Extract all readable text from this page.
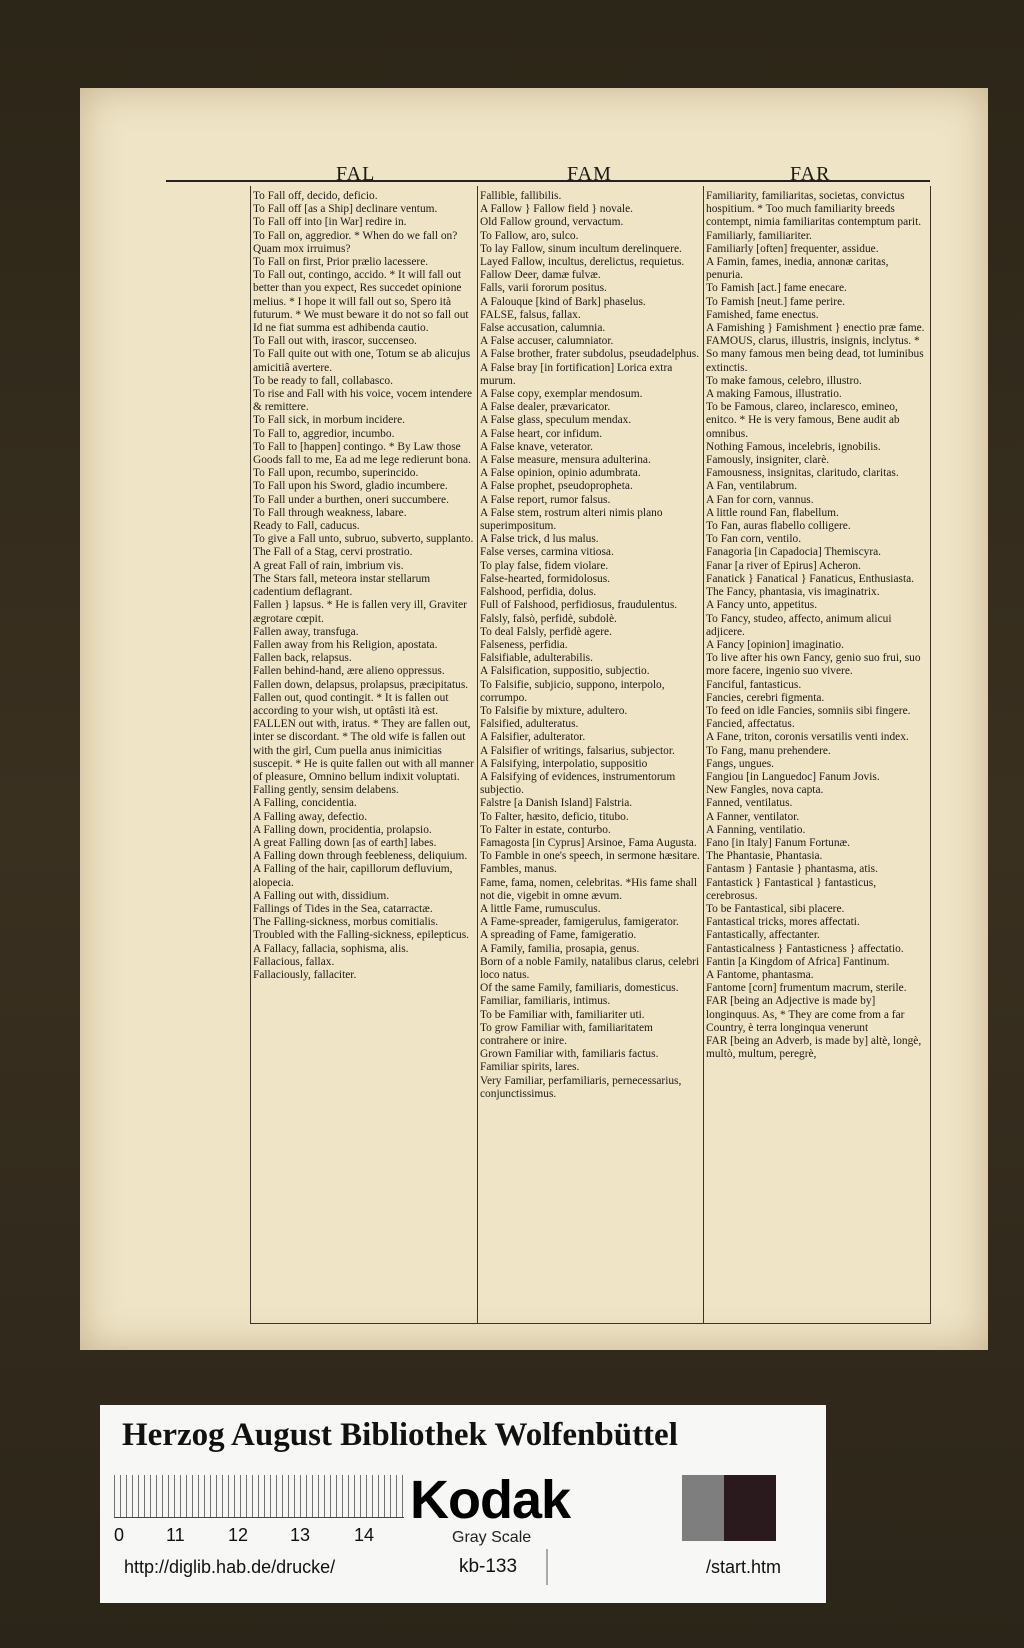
FAL	FAM	FAR
To Fall off, decido, deficio.
To Fall off [as a Ship] declinare ventum.
To Fall off into [in War] redire in.
To Fall on, aggredior. * When do we fall on? Quam mox irruimus?
To Fall on first, Prior prælio lacessere.
To Fall out, contingo, accido. * It will fall out better than you expect, Res succedet opinione melius. * I hope it will fall out so, Spero ità futurum. * We must beware it do not so fall out Id ne fiat summa est adhibenda cautio.
To Fall out with, irascor, succenseo.
To Fall quite out with one, Totum se ab alicujus amicitiâ avertere.
To be ready to fall, collabasco.
To rise and Fall with his voice, vocem intendere & remittere.
To Fall sick, in morbum incidere.
To Fall to, aggredior, incumbo.
To Fall to [happen] contingo. * By Law those Goods fall to me, Ea ad me lege redierunt bona.
To Fall upon, recumbo, superincido.
To Fall upon his Sword, gladio incumbere.
To Fall under a burthen, oneri succumbere.
To Fall through weakness, labare.
Ready to Fall, caducus.
To give a Fall unto, subruo, subverto, supplanto.
The Fall of a Stag, cervi prostratio.
A great Fall of rain, imbrium vis.
The Stars fall, meteora instar stellarum cadentium deflagrant.
Fallen } lapsus. * He is fallen very ill, Graviter ægrotare cœpit.
Fallen away, transfuga.
Fallen away from his Religion, apostata.
Fallen back, relapsus.
Fallen behind-hand, ære alieno oppressus.
Fallen down, delapsus, prolapsus, præcipitatus.
Fallen out, quod contingit. * It is fallen out according to your wish, ut optâsti ità est.
FALLEN out with, iratus. * They are fallen out, inter se discordant. * The old wife is fallen out with the girl, Cum puella anus inimicitias suscepit. * He is quite fallen out with all manner of pleasure, Omnino bellum indixit voluptati.
Falling gently, sensim delabens.
A Falling, concidentia.
A Falling away, defectio.
A Falling down, procidentia, prolapsio.
A great Falling down [as of earth] labes.
A Falling down through feebleness, deliquium.
A Falling of the hair, capillorum defluvium, alopecia.
A Falling out with, dissidium.
Fallings of Tides in the Sea, catarractæ.
The Falling-sickness, morbus comitialis.
Troubled with the Falling-sickness, epilepticus.
A Fallacy, fallacia, sophisma, alis.
Fallacious, fallax.
Fallaciously, fallaciter.
Fallible, fallibilis.
A Fallow } Fallow field } novale.
Old Fallow ground, vervactum.
To Fallow, aro, sulco.
To lay Fallow, sinum incultum derelinquere.
Layed Fallow, incultus, derelictus, requietus.
Fallow Deer, damæ fulvæ.
Falls, varii fororum positus.
A Falouque [kind of Bark] phaselus.
FALSE, falsus, fallax.
False accusation, calumnia.
A False accuser, calumniator.
A False brother, frater subdolus, pseudadelphus.
A False bray [in fortification] Lorica extra murum.
A False copy, exemplar mendosum.
A False dealer, prævaricator.
A False glass, speculum mendax.
A False heart, cor infidum.
A False knave, veterator.
A False measure, mensura adulterina.
A False opinion, opinio adumbrata.
A False prophet, pseudopropheta.
A False report, rumor falsus.
A False stem, rostrum alteri nimis plano superimpositum.
A False trick, d lus malus.
False verses, carmina vitiosa.
To play false, fidem violare.
False-hearted, formidolosus.
Falshood, perfidia, dolus.
Full of Falshood, perfidiosus, fraudulentus.
Falsly, falsò, perfidè, subdolè.
To deal Falsly, perfidè agere.
Falseness, perfidia.
Falsifiable, adulterabilis.
A Falsification, suppositio, subjectio.
To Falsifie, subjicio, suppono, interpolo, corrumpo.
To Falsifie by mixture, adultero.
Falsified, adulteratus.
A Falsifier, adulterator.
A Falsifier of writings, falsarius, subjector.
A Falsifying, interpolatio, suppositio
A Falsifying of evidences, instrumentorum subjectio.
Falstre [a Danish Island] Falstria.
To Falter, hæsito, deficio, titubo.
To Falter in estate, conturbo.
Famagosta [in Cyprus] Arsinoe, Fama Augusta.
To Famble in one's speech, in sermone hæsitare.
Fambles, manus.
Fame, fama, nomen, celebritas. *His fame shall not die, vigebit in omne ævum.
A little Fame, rumusculus.
A Fame-spreader, famigerulus, famigerator.
A spreading of Fame, famigeratio.
A Family, familia, prosapia, genus.
Born of a noble Family, natalibus clarus, celebri loco natus.
Of the same Family, familiaris, domesticus.
Familiar, familiaris, intimus.
To be Familiar with, familiariter uti.
To grow Familiar with, familiaritatem contrahere or inire.
Grown Familiar with, familiaris factus.
Familiar spirits, lares.
Very Familiar, perfamiliaris, pernecessarius, conjunctissimus.
Familiarity, familiaritas, societas, convictus hospitium. * Too much familiarity breeds contempt, nimia familiaritas contemptum parit.
Familiarly, familiariter.
Familiarly [often] frequenter, assidue.
A Famin, fames, inedia, annonæ caritas, penuria.
To Famish [act.] fame enecare.
To Famish [neut.] fame perire.
Famished, fame enectus.
A Famishing } Famishment } enectio præ fame.
FAMOUS, clarus, illustris, insignis, inclytus. * So many famous men being dead, tot luminibus extinctis.
To make famous, celebro, illustro.
A making Famous, illustratio.
To be Famous, clareo, inclaresco, emineo, enitco. * He is very famous, Bene audit ab omnibus.
Nothing Famous, incelebris, ignobilis.
Famously, insigniter, clarè.
Famousness, insignitas, claritudo, claritas.
A Fan, ventilabrum.
A Fan for corn, vannus.
A little round Fan, flabellum.
To Fan, auras flabello colligere.
To Fan corn, ventilo.
Fanagoria [in Capadocia] Themiscyra.
Fanar [a river of Epirus] Acheron.
Fanatick } Fanatical } Fanaticus, Enthusiasta.
The Fancy, phantasia, vis imaginatrix.
A Fancy unto, appetitus.
To Fancy, studeo, affecto, animum alicui adjicere.
A Fancy [opinion] imaginatio.
To live after his own Fancy, genio suo frui, suo more facere, ingenio suo vivere.
Fanciful, fantasticus.
Fancies, cerebri figmenta.
To feed on idle Fancies, somniis sibi fingere.
Fancied, affectatus.
A Fane, triton, coronis versatilis venti index.
To Fang, manu prehendere.
Fangs, ungues.
Fangiou [in Languedoc] Fanum Jovis.
New Fangles, nova capta.
Fanned, ventilatus.
A Fanner, ventilator.
A Fanning, ventilatio.
Fano [in Italy] Fanum Fortunæ.
The Phantasie, Phantasia.
Fantasm } Fantasie } phantasma, atis.
Fantastick } Fantastical } fantasticus, cerebrosus.
To be Fantastical, sibi placere.
Fantastical tricks, mores affectati.
Fantastically, affectanter.
Fantasticalness } Fantasticness } affectatio.
Fantin [a Kingdom of Africa] Fantinum.
A Fantome, phantasma.
Fantome [corn] frumentum macrum, sterile.
FAR [being an Adjective is made by] longinquus. As, * They are come from a far Country, è terra longinqua venerunt
FAR [being an Adverb, is made by] altè, longè, multò, multum, peregrè,
Herzog August Bibliothek Wolfenbüttel
0 11 12 13 14
Kodak
Gray Scale
http://diglib.hab.de/drucke/	kb-133	/start.htm
